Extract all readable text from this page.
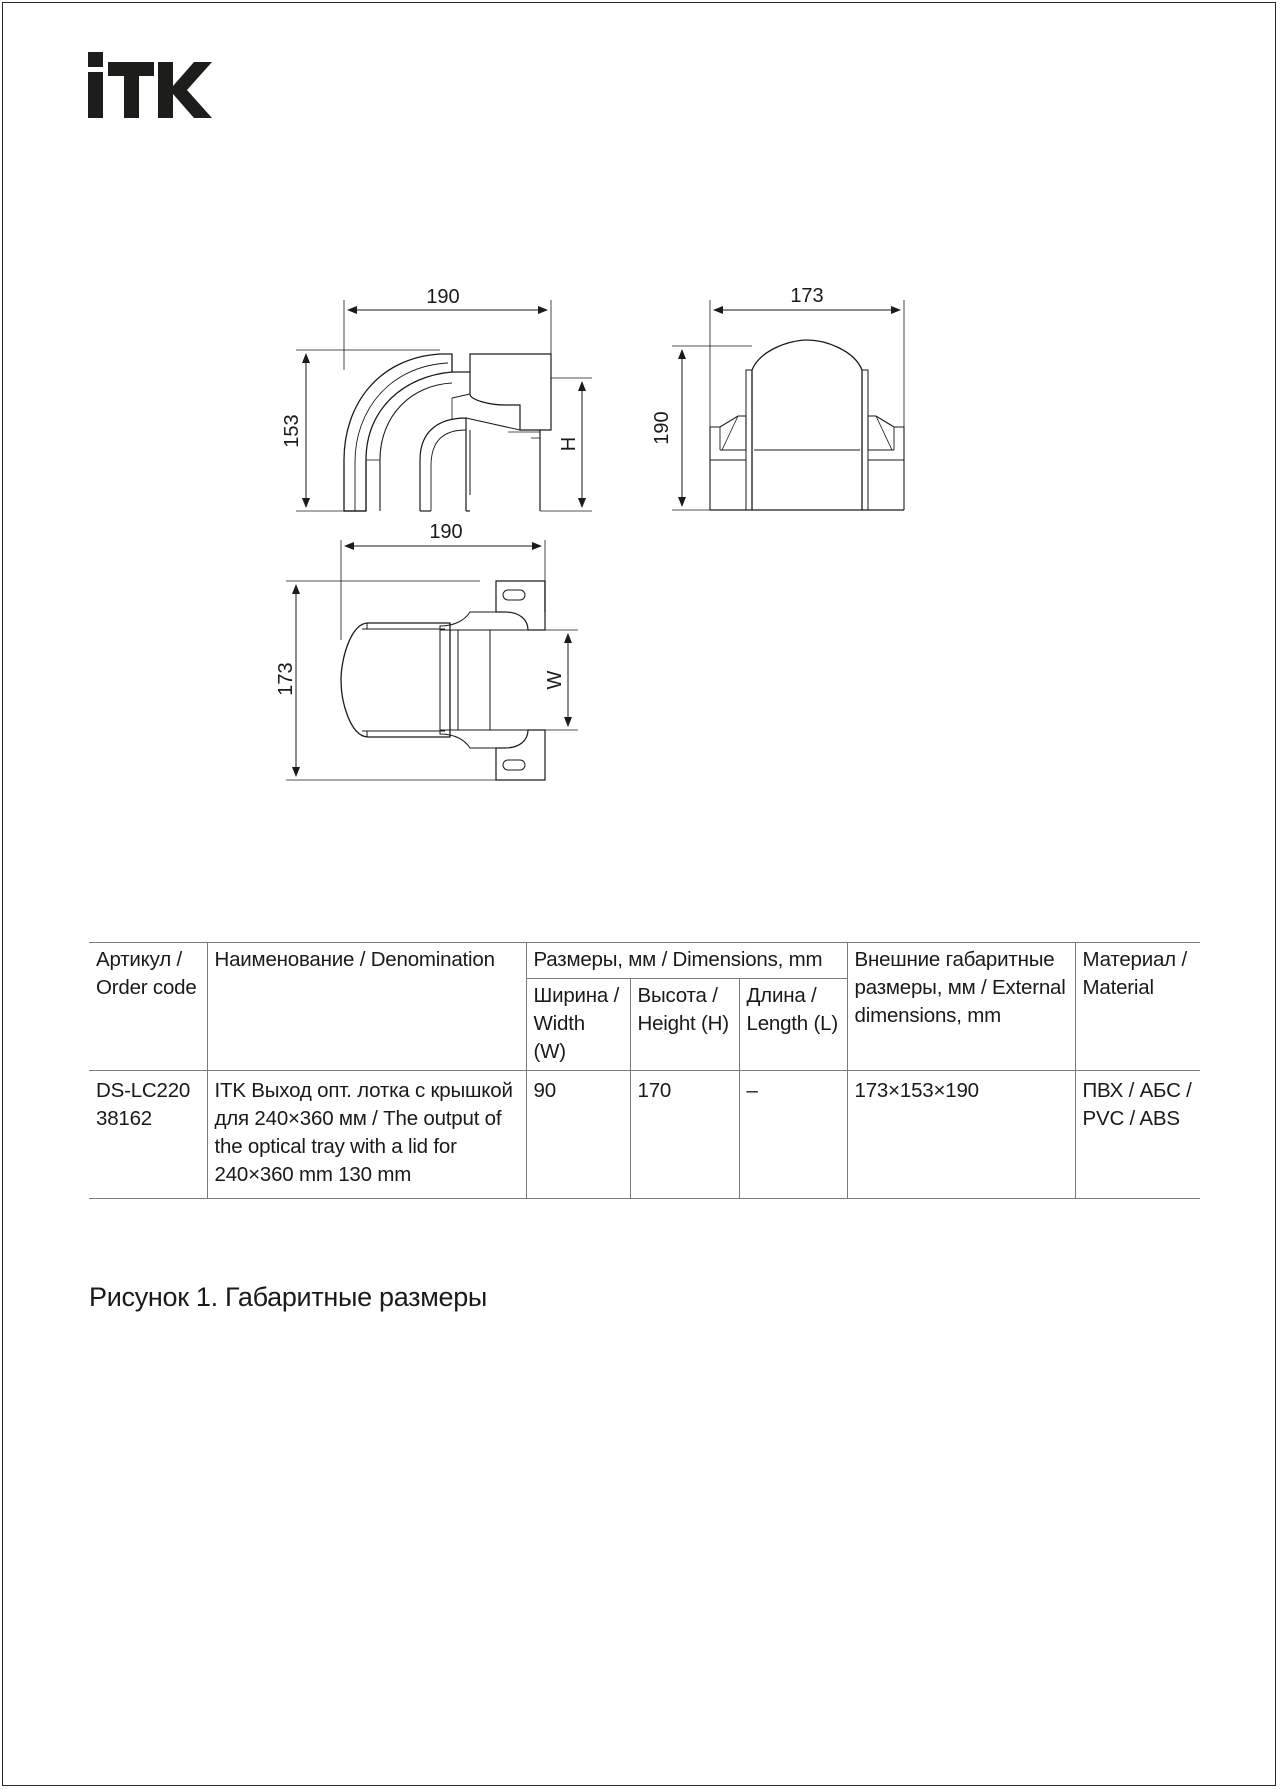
190
153	H
173
190
190
173	W
Артикул / Order code	Наименование / Denomination	Размеры, мм / Dimensions, mm			Внешние габаритные размеры, мм / External dimensions, mm	Материал / Material
		Ширина / Width (W)	Высота / Height (H)	Длина / Length (L)		
DS-LC22038162	ITK Выход опт. лотка с крышкой для 240×360 мм / The output of the optical tray with a lid for 240×360 mm 130 mm	90	170	–	173×153×190	ПВХ / АБС / PVC / ABS
Рисунок 1. Габаритные размеры
